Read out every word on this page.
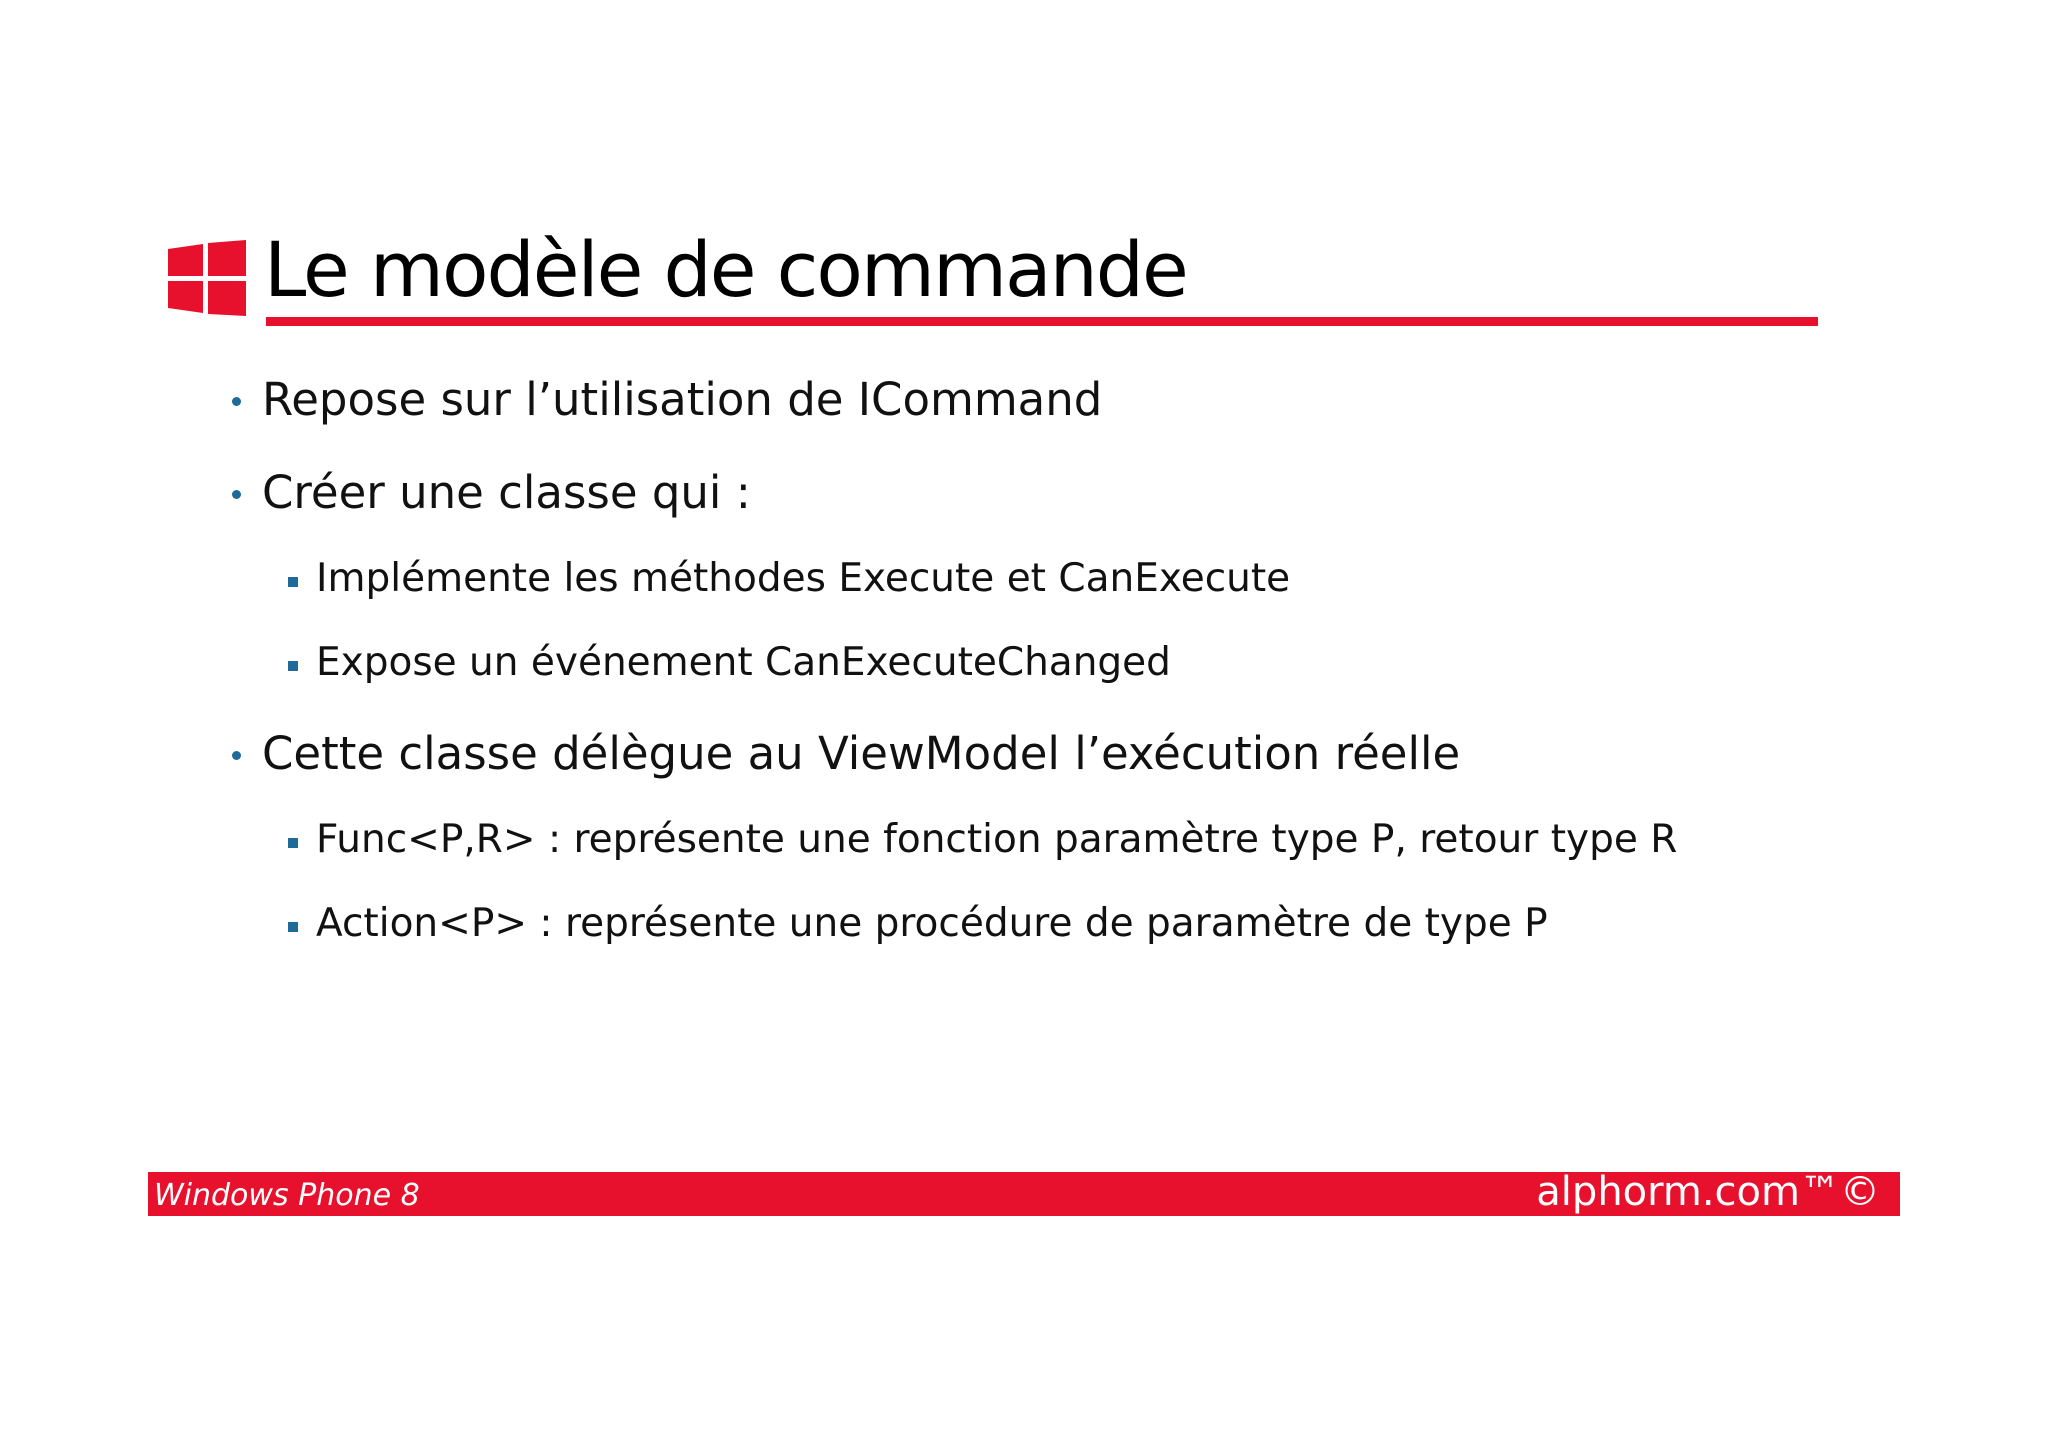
Le modèle de commande
Repose sur l’utilisation de ICommand
Créer une classe qui :
Implémente les méthodes Execute et CanExecute
Expose un événement CanExecuteChanged
Cette classe délègue au ViewModel l’exécution réelle
Func<P,R> : représente une fonction paramètre type P, retour type R
Action<P> : représente une procédure de paramètre de type P
Windows Phone 8	alphorm.com™©
